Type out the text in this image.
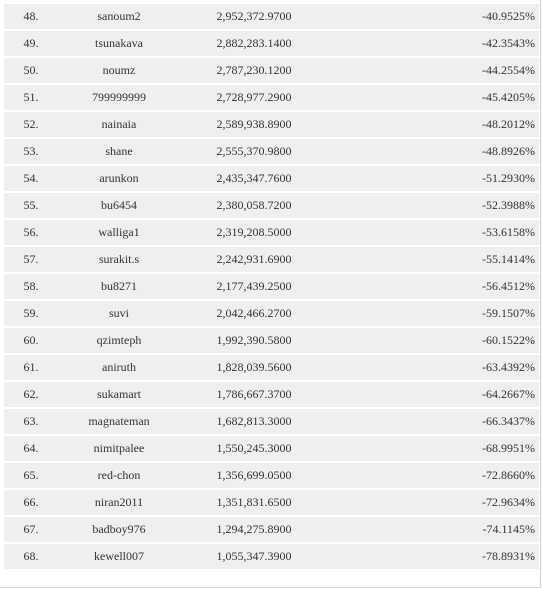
48.	sanoum2	2,952,372.9700	-40.9525%
49.	tsunakava	2,882,283.1400	-42.3543%
50.	noumz	2,787,230.1200	-44.2554%
51.	799999999	2,728,977.2900	-45.4205%
52.	nainaia	2,589,938.8900	-48.2012%
53.	shane	2,555,370.9800	-48.8926%
54.	arunkon	2,435,347.7600	-51.2930%
55.	bu6454	2,380,058.7200	-52.3988%
56.	walliga1	2,319,208.5000	-53.6158%
57.	surakit.s	2,242,931.6900	-55.1414%
58.	bu8271	2,177,439.2500	-56.4512%
59.	suvi	2,042,466.2700	-59.1507%
60.	qzimteph	1,992,390.5800	-60.1522%
61.	aniruth	1,828,039.5600	-63.4392%
62.	sukamart	1,786,667.3700	-64.2667%
63.	magnateman	1,682,813.3000	-66.3437%
64.	nimitpalee	1,550,245.3000	-68.9951%
65.	red-chon	1,356,699.0500	-72.8660%
66.	niran2011	1,351,831.6500	-72.9634%
67.	badboy976	1,294,275.8900	-74.1145%
68.	kewell007	1,055,347.3900	-78.8931%
